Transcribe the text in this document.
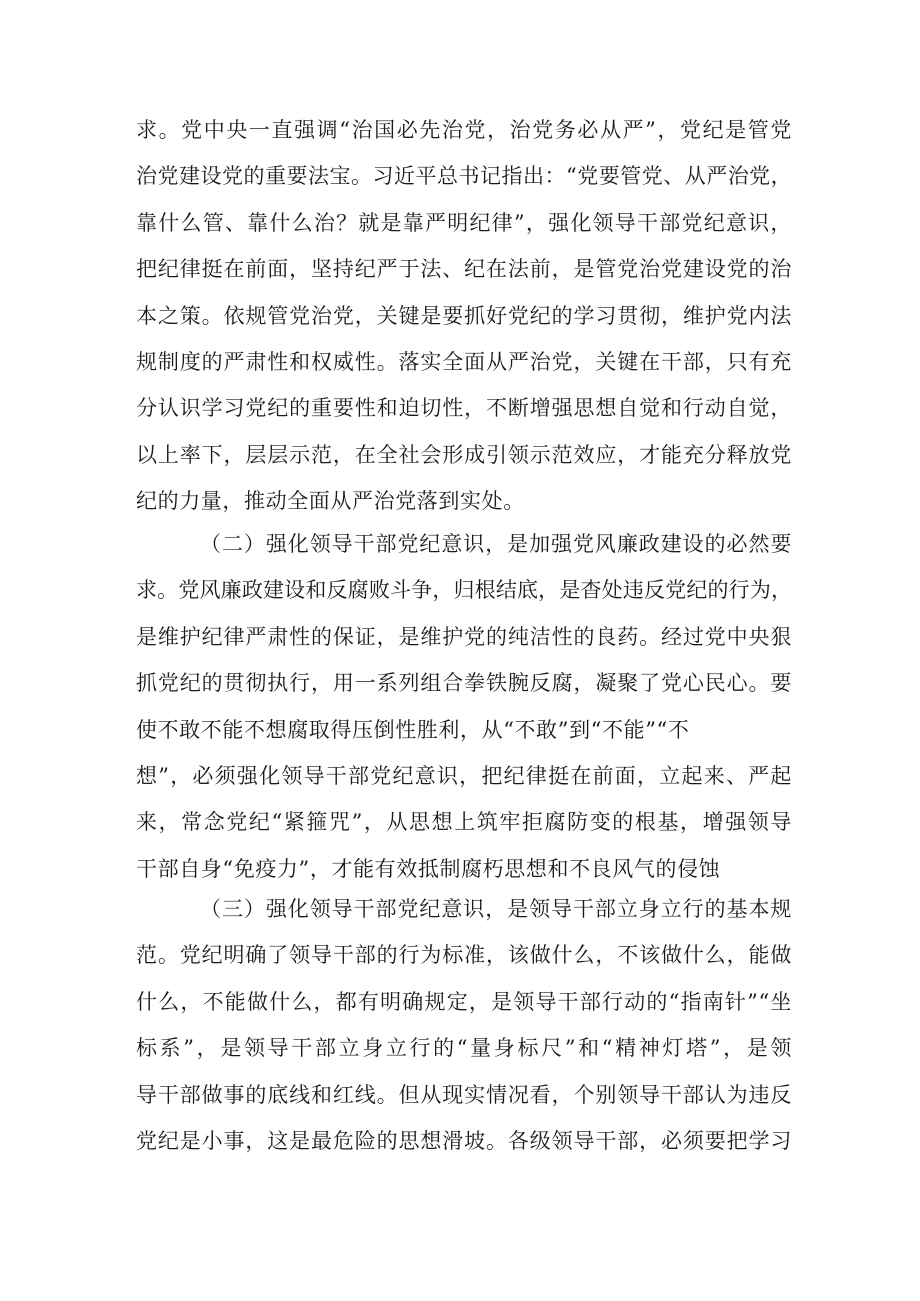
求。党中央一直强调“治国必先治党，治党务必从严”，党纪是管党
治党建设党的重要法宝。习近平总书记指出：“党要管党、从严治党，
靠什么管、靠什么治？就是靠严明纪律”，强化领导干部党纪意识，
把纪律挺在前面，坚持纪严于法、纪在法前，是管党治党建设党的治
本之策。依规管党治党，关键是要抓好党纪的学习贯彻，维护党内法
规制度的严肃性和权威性。落实全面从严治党，关键在干部，只有充
分认识学习党纪的重要性和迫切性，不断增强思想自觉和行动自觉，
以上率下，层层示范，在全社会形成引领示范效应，才能充分释放党
纪的力量，推动全面从严治党落到实处。
（二）强化领导干部党纪意识，是加强党风廉政建设的必然要
求。党风廉政建设和反腐败斗争，归根结底，是杳处违反党纪的行为，
是维护纪律严肃性的保证，是维护党的纯洁性的良药。经过党中央狠
抓党纪的贯彻执行，用一系列组合拳铁腕反腐，凝聚了党心民心。要
使不敢不能不想腐取得压倒性胜利，从“不敢”到“不能”“不
想”，必须强化领导干部党纪意识，把纪律挺在前面，立起来、严起
来，常念党纪“紧箍咒”，从思想上筑牢拒腐防变的根基，增强领导
干部自身“免疫力”，才能有效抵制腐朽思想和不良风气的侵蚀
（三）强化领导干部党纪意识，是领导干部立身立行的基本规
范。党纪明确了领导干部的行为标准，该做什么，不该做什么，能做
什么，不能做什么，都有明确规定，是领导干部行动的“指南针”“坐
标系”，是领导干部立身立行的“量身标尺”和“精神灯塔”，是领
导干部做事的底线和红线。但从现实情况看，个别领导干部认为违反
党纪是小事，这是最危险的思想滑坡。各级领导干部，必须要把学习
